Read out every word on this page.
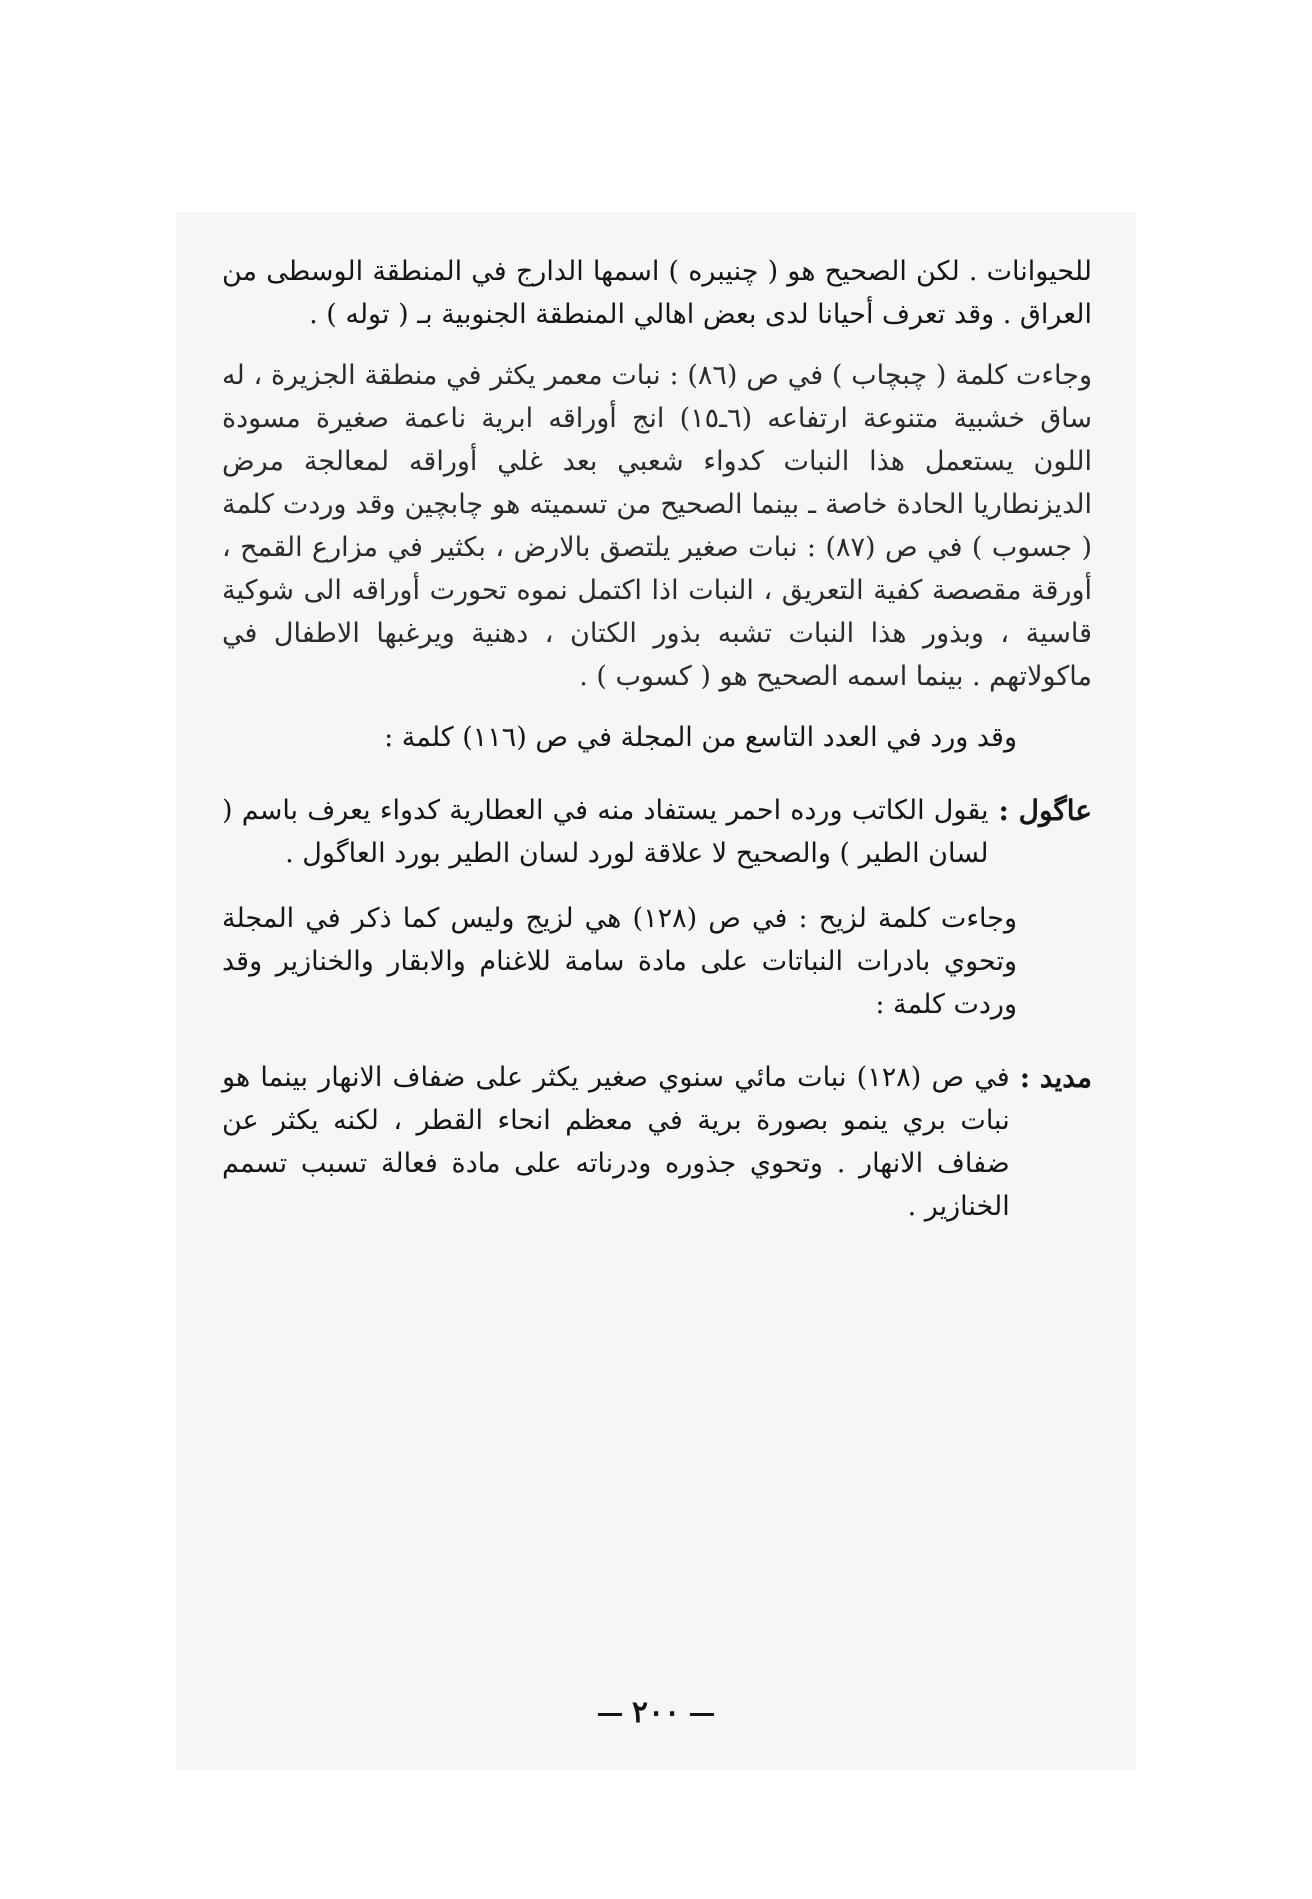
للحيوانات . لكن الصحيح هو ( چنيبره ) اسمها الدارج في المنطقة الوسطى من العراق . وقد تعرف أحيانا لدى بعض اهالي المنطقة الجنوبية بـ ( توله ) .

وجاءت كلمة ( چبچاب ) في ص (٨٦) : نبات معمر يكثر في منطقة الجزيرة ، له ساق خشبية متنوعة ارتفاعه (٦ـ١٥) انج أوراقه ابرية ناعمة صغيرة مسودة اللون يستعمل هذا النبات كدواء شعبي بعد غلي أوراقه لمعالجة مرض الديزنطاريا الحادة خاصة ـ بينما الصحيح من تسميته هو چابچين وقد وردت كلمة ( جسوب ) في ص (٨٧) : نبات صغير يلتصق بالارض ، بكثير في مزارع القمح ، أورقة مقصصة كفية التعريق ، النبات اذا اكتمل نموه تحورت أوراقه الى شوكية قاسية ، وبذور هذا النبات تشبه بذور الكتان ، دهنية ويرغبها الاطفال في ماكولاتهم . بينما اسمه الصحيح هو ( كسوب ) .

وقد ورد في العدد التاسع من المجلة في ص (١١٦) كلمة :

عاگول :
يقول الكاتب ورده احمر يستفاد منه في العطارية كدواء يعرف باسم ( لسان الطير ) والصحيح لا علاقة لورد لسان الطير بورد العاگول .

وجاءت كلمة لزيح : في ص (١٢٨) هي لزيج وليس كما ذكر في المجلة وتحوي بادرات النباتات على مادة سامة للاغنام والابقار والخنازير وقد وردت كلمة :

مديد :
في ص (١٢٨) نبات مائي سنوي صغير يكثر على ضفاف الانهار بينما هو نبات بري ينمو بصورة برية في معظم انحاء القطر ، لكنه يكثر عن ضفاف الانهار . وتحوي جذوره ودرناته على مادة فعالة تسبب تسمم الخنازير .
٢٠٠
